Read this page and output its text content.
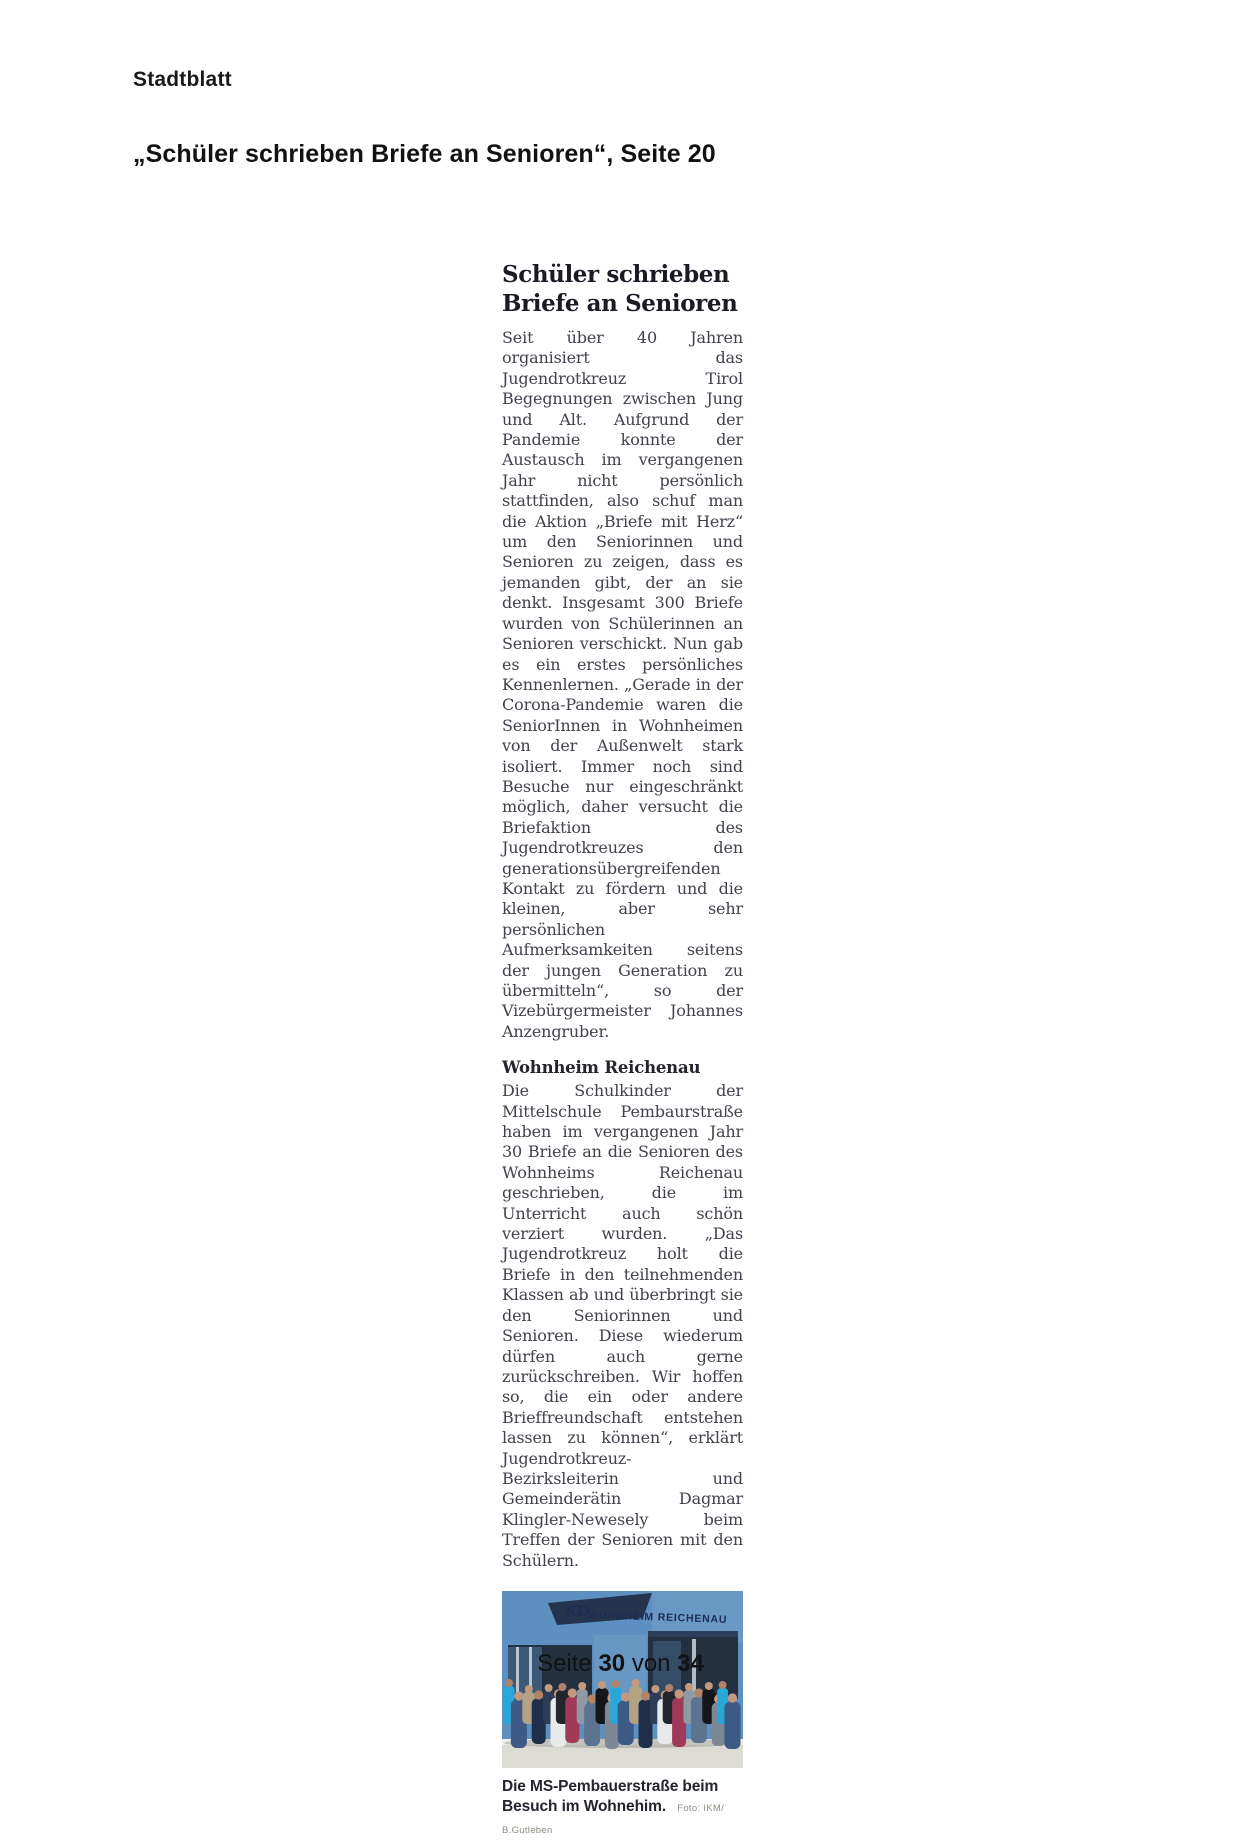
Stadtblatt
„Schüler schrieben Briefe an Senioren“, Seite 20
Schüler schrieben Briefe an Senioren

Seit über 40 Jahren organisiert das Jugendrotkreuz Tirol Begegnungen zwischen Jung und Alt. Aufgrund der Pandemie konnte der Austausch im vergangenen Jahr nicht persönlich stattfinden, also schuf man die Aktion „Briefe mit Herz“ um den Seniorinnen und Senioren zu zeigen, dass es jemanden gibt, der an sie denkt. Insgesamt 300 Briefe wurden von Schülerinnen an Senioren verschickt. Nun gab es ein erstes persönliches Kennenlernen. „Gerade in der Corona-Pandemie waren die SeniorInnen in Wohnheimen von der Außenwelt stark isoliert. Immer noch sind Besuche nur eingeschränkt möglich, daher versucht die Briefaktion des Jugendrotkreuzes den generationsübergreifenden Kontakt zu fördern und die kleinen, aber sehr persönlichen Aufmerksamkeiten seitens der jungen Generation zu übermitteln“, so der Vizebürgermeister Johannes Anzengruber.

Wohnheim Reichenau

Die Schulkinder der Mittelschule Pembaurstraße haben im vergangenen Jahr 30 Briefe an die Senioren des Wohnheims Reichenau geschrieben, die im Unterricht auch schön verziert wurden. „Das Jugendrotkreuz holt die Briefe in den teilnehmenden Klassen ab und überbringt sie den Seniorinnen und Senioren. Diese wiederum dürfen auch gerne zurückschreiben. Wir hoffen so, die ein oder andere Brieffreundschaft entstehen lassen zu können“, erklärt Jugendrotkreuz-Bezirksleiterin und Gemeinderätin Dagmar Klingler-Newesely beim Treffen der Senioren mit den Schülern.

KD
WOHNHEIM REICHENAU
Die MS-Pembauerstraße beim Besuch im Wohnehim. Foto: IKM/ B.Gutleben
Seite 30 von 34
